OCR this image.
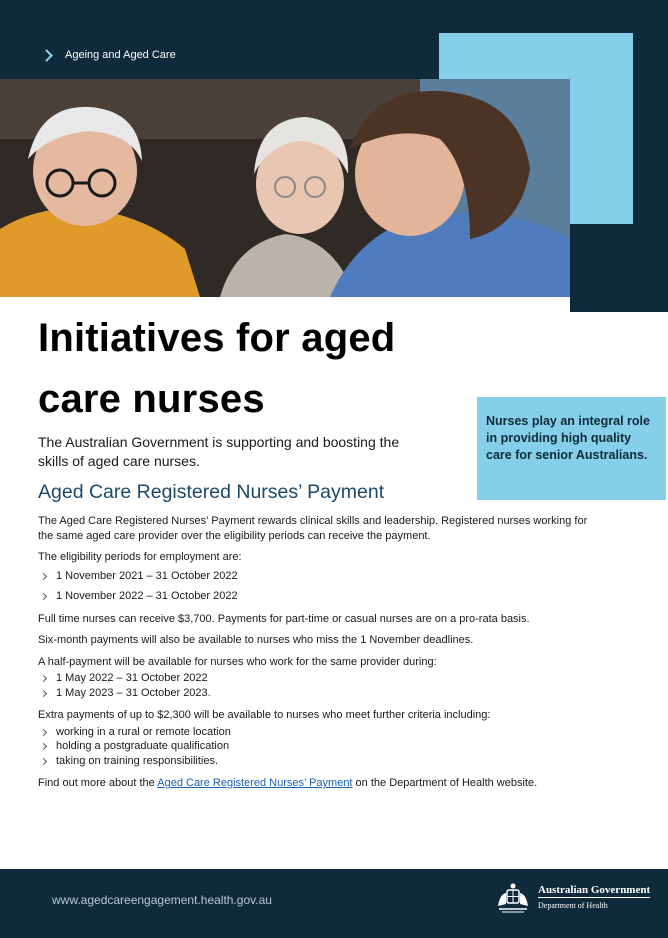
Ageing and Aged Care
Initiatives for aged care nurses	Nurses play an integral role in providing high quality care for senior Australians.

The Australian Government is supporting and boosting the skills of aged care nurses.

Aged Care Registered Nurses’ Payment

The Aged Care Registered Nurses’ Payment rewards clinical skills and leadership. Registered nurses working for the same aged care provider over the eligibility periods can receive the payment.

The eligibility periods for employment are:

1 November 2021 – 31 October 2022
1 November 2022 – 31 October 2022

Full time nurses can receive $3,700. Payments for part-time or casual nurses are on a pro-rata basis.

Six-month payments will also be available to nurses who miss the 1 November deadlines.

A half-payment will be available for nurses who work for the same provider during:

1 May 2022 – 31 October 2022
1 May 2023 – 31 October 2023.

Extra payments of up to $2,300 will be available to nurses who meet further criteria including:

working in a rural or remote location
holding a postgraduate qualification
taking on training responsibilities.

Find out more about the Aged Care Registered Nurses’ Payment on the Department of Health website.

www.agedcareengagement.health.gov.au
Australian Government
Department of Health
